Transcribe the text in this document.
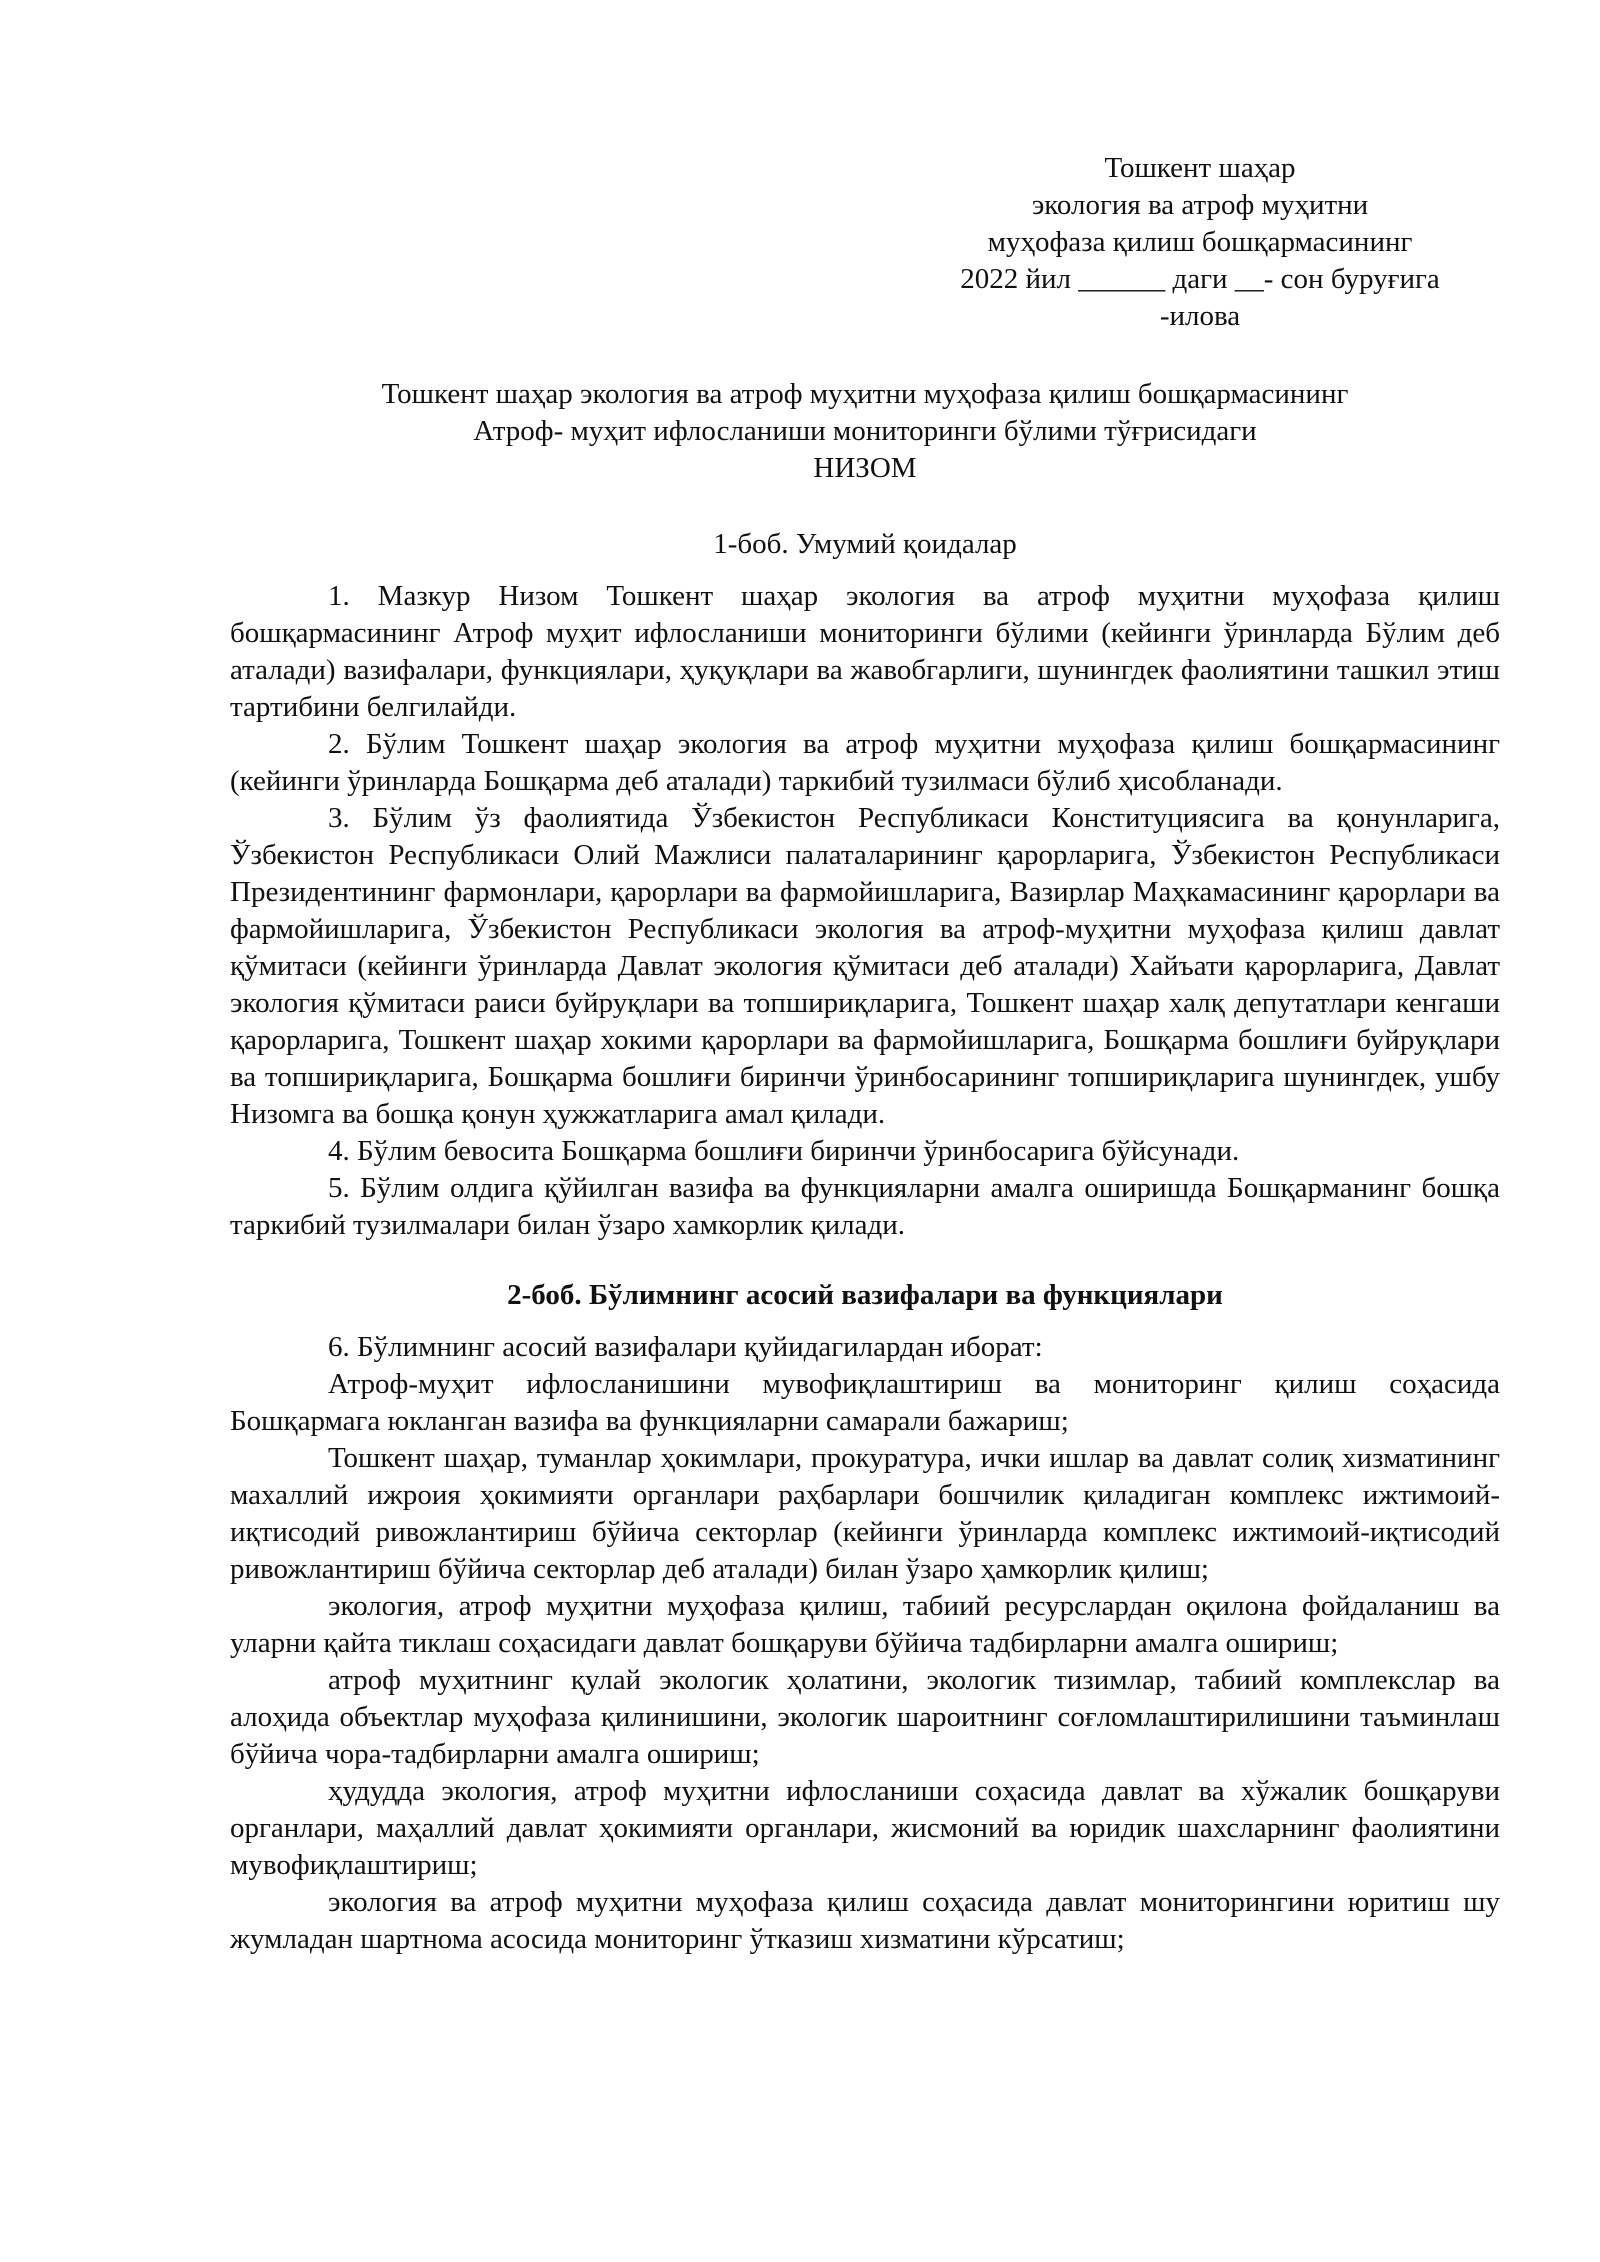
Тошкент шаҳар
экология ва атроф муҳитни
муҳофаза қилиш бошқармасининг
2022 йил ______ даги __- сон буруғига
-илова
Тошкент шаҳар экология ва атроф муҳитни муҳофаза қилиш бошқармасининг
Атроф- муҳит ифлосланиши мониторинги бўлими тўғрисидаги
НИЗОМ

1-боб. Умумий қоидалар

1. Мазкур Низом Тошкент шаҳар экология ва атроф муҳитни муҳофаза қилиш бошқармасининг Атроф муҳит ифлосланиши мониторинги бўлими (кейинги ўринларда Бўлим деб аталади) вазифалари, функциялари, ҳуқуқлари ва жавобгарлиги, шунингдек фаолиятини ташкил этиш тартибини белгилайди.

2. Бўлим Тошкент шаҳар экология ва атроф муҳитни муҳофаза қилиш бошқармасининг (кейинги ўринларда Бошқарма деб аталади) таркибий тузилмаси бўлиб ҳисобланади.

3. Бўлим ўз фаолиятида Ўзбекистон Республикаси Конституциясига ва қонунларига, Ўзбекистон Республикаси Олий Мажлиси палаталарининг қарорларига, Ўзбекистон Республикаси Президентининг фармонлари, қарорлари ва фармойишларига, Вазирлар Маҳкамасининг қарорлари ва фармойишларига, Ўзбекистон Республикаси экология ва атроф-муҳитни муҳофаза қилиш давлат қўмитаси (кейинги ўринларда Давлат экология қўмитаси деб аталади) Хайъати қарорларига, Давлат экология қўмитаси раиси буйруқлари ва топшириқларига, Тошкент шаҳар халқ депутатлари кенгаши қарорларига, Тошкент шаҳар хокими қарорлари ва фармойишларига, Бошқарма бошлиғи буйруқлари ва топшириқларига, Бошқарма бошлиғи биринчи ўринбосарининг топшириқларига шунингдек, ушбу Низомга ва бошқа қонун ҳужжатларига амал қилади.

4. Бўлим бевосита Бошқарма бошлиғи биринчи ўринбосарига бўйсунади.

5. Бўлим олдига қўйилган вазифа ва функцияларни амалга оширишда Бошқарманинг бошқа таркибий тузилмалари билан ўзаро хамкорлик қилади.

2-боб. Бўлимнинг асосий вазифалари ва функциялари

6. Бўлимнинг асосий вазифалари қуйидагилардан иборат:

Атроф-муҳит ифлосланишини мувофиқлаштириш ва мониторинг қилиш соҳасида Бошқармага юкланган вазифа ва функцияларни самарали бажариш;

Тошкент шаҳар, туманлар ҳокимлари, прокуратура, ички ишлар ва давлат солиқ хизматининг махаллий ижроия ҳокимияти органлари раҳбарлари бошчилик қиладиган комплекс ижтимоий-иқтисодий ривожлантириш бўйича секторлар (кейинги ўринларда комплекс ижтимоий-иқтисодий ривожлантириш бўйича секторлар деб аталади) билан ўзаро ҳамкорлик қилиш;

экология, атроф муҳитни муҳофаза қилиш, табиий ресурслардан оқилона фойдаланиш ва уларни қайта тиклаш соҳасидаги давлат бошқаруви бўйича тадбирларни амалга ошириш;

атроф муҳитнинг қулай экологик ҳолатини, экологик тизимлар, табиий комплекслар ва алоҳида объектлар муҳофаза қилинишини, экологик шароитнинг соғломлаштирилишини таъминлаш бўйича чора-тадбирларни амалга ошириш;

ҳудудда экология, атроф муҳитни ифлосланиши соҳасида давлат ва хўжалик бошқаруви органлари, маҳаллий давлат ҳокимияти органлари, жисмоний ва юридик шахсларнинг фаолиятини мувофиқлаштириш;

экология ва атроф муҳитни муҳофаза қилиш соҳасида давлат мониторингини юритиш шу жумладан шартнома асосида мониторинг ўтказиш хизматини кўрсатиш;
